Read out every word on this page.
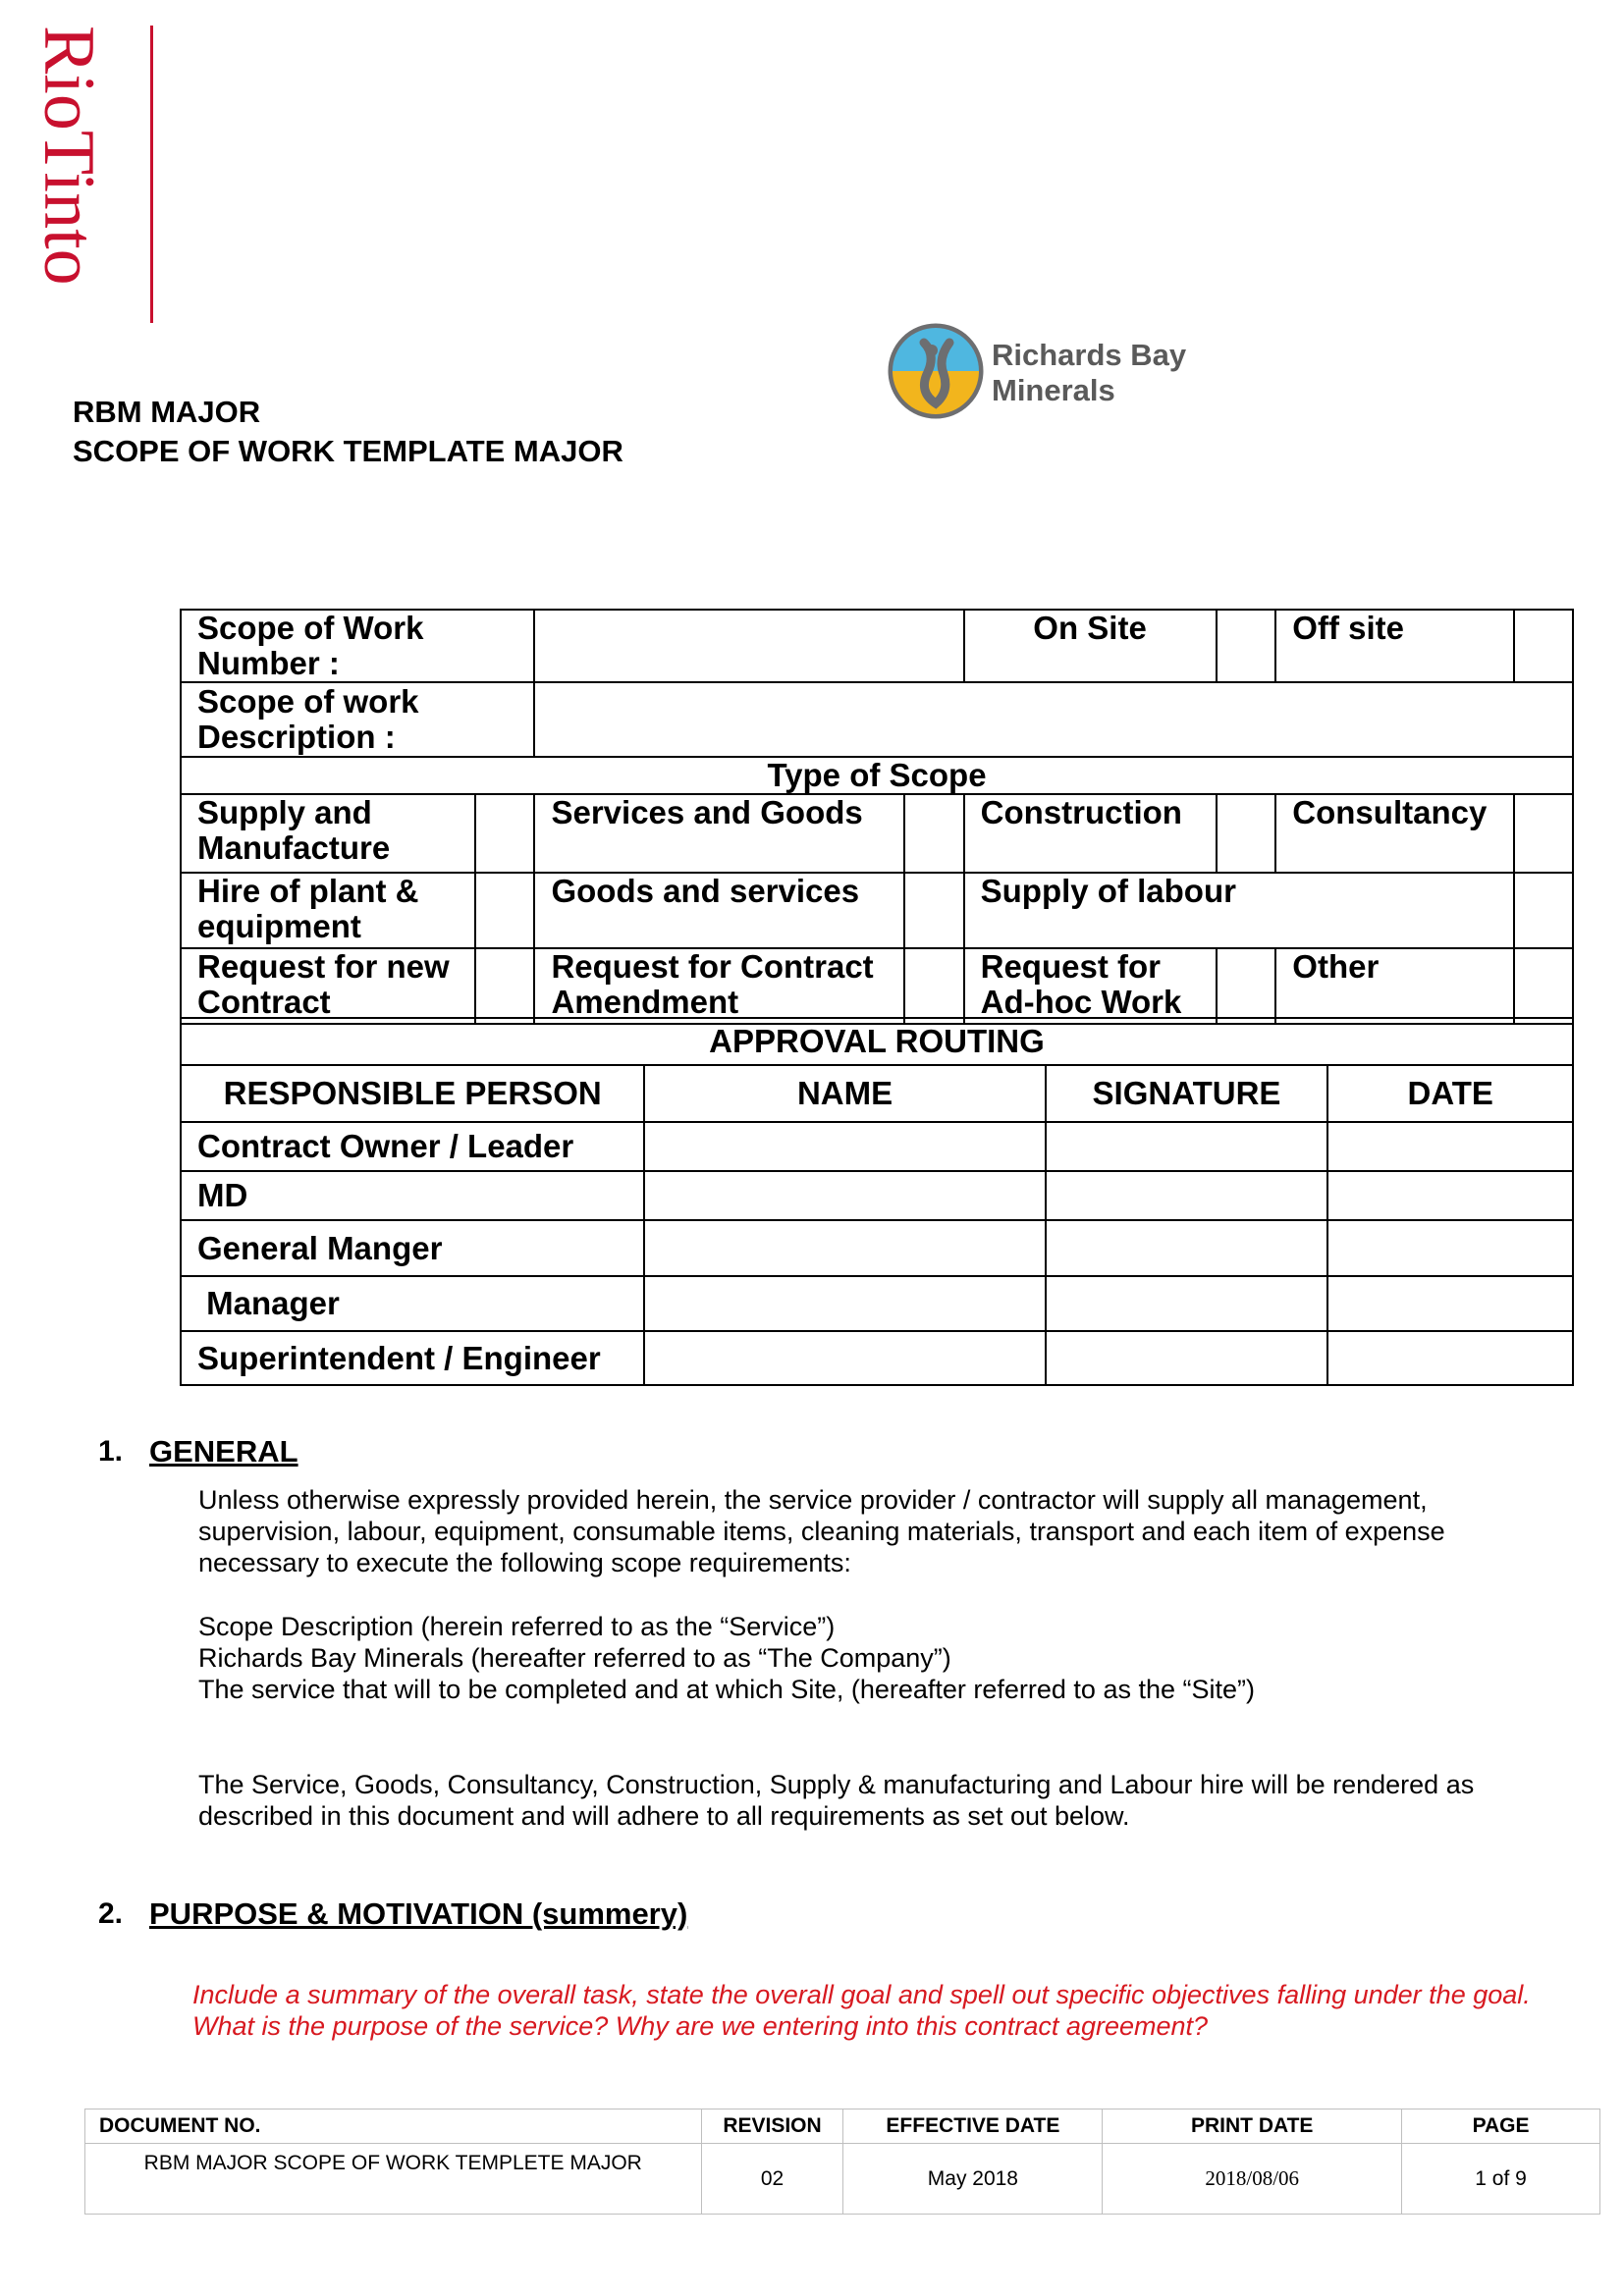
RioTinto
Richards Bay
Minerals
RBM MAJOR
SCOPE OF WORK TEMPLATE MAJOR
Scope of Work Number :				On Site		Off site	
Scope of work Description :							
Type of Scope							
Supply and Manufacture		Services and Goods		Construction		Consultancy	
Hire of plant & equipment		Goods and services		Supply of labour			
Request for new Contract		Request for Contract Amendment		Request for Ad-hoc Work		Other	
APPROVAL ROUTING			
RESPONSIBLE PERSON	NAME	SIGNATURE	DATE
Contract Owner / Leader			
MD			
General Manger			
Manager			
Superintendent / Engineer			
1. GENERAL
Unless otherwise expressly provided herein, the service provider / contractor will supply all management, supervision, labour, equipment, consumable items, cleaning materials, transport and each item of expense necessary to execute the following scope requirements:
Scope Description (herein referred to as the “Service”)
Richards Bay Minerals (hereafter referred to as “The Company”)
The service that will to be completed and at which Site, (hereafter referred to as the “Site”)
The Service, Goods, Consultancy, Construction, Supply & manufacturing and Labour hire will be rendered as described in this document and will adhere to all requirements as set out below.
2. PURPOSE & MOTIVATION (summery)
Include a summary of the overall task, state the overall goal and spell out specific objectives falling under the goal. What is the purpose of the service? Why are we entering into this contract agreement?
DOCUMENT NO.	REVISION	EFFECTIVE DATE	PRINT DATE	PAGE
RBM MAJOR SCOPE OF WORK TEMPLETE MAJOR	02	May 2018	2018/08/06	1 of 9
